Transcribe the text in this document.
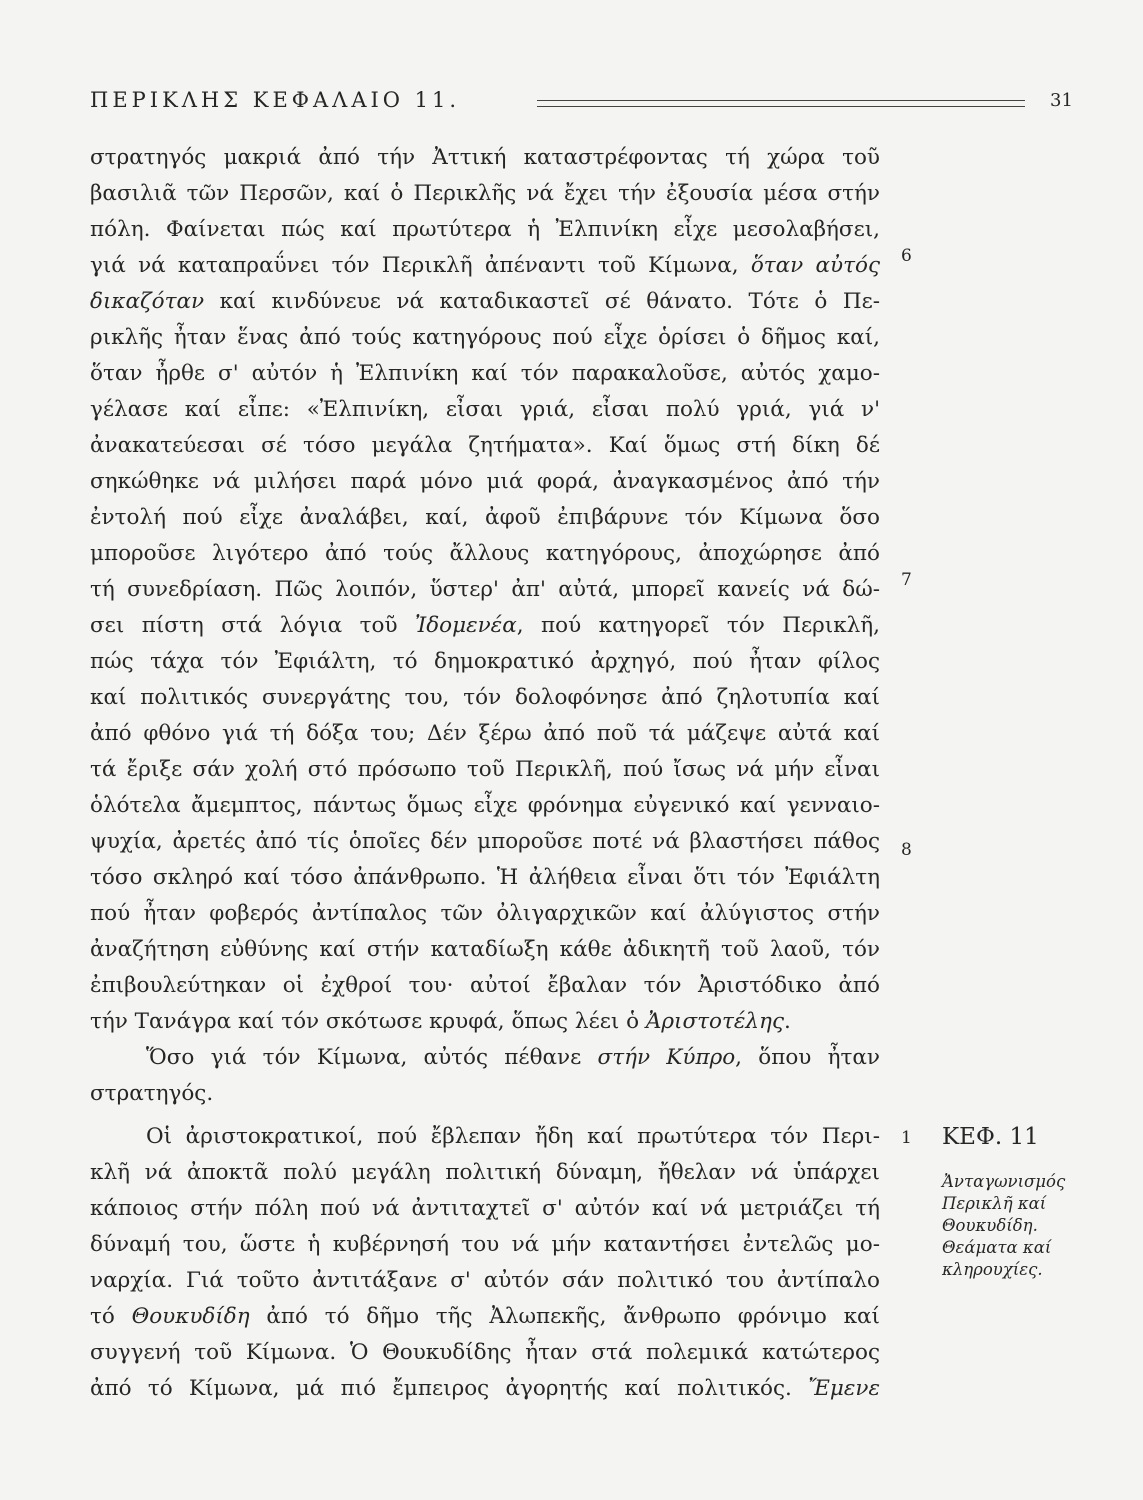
ΠΕΡΙΚΛΗΣ ΚΕΦΑΛΑΙΟ 11.	31
στρατηγός μακριά ἀπό τήν Ἀττική καταστρέφοντας τή χώρα τοῦ
βασιλιᾶ τῶν Περσῶν, καί ὁ Περικλῆς νά ἔχει τήν ἐξουσία μέσα στήν
πόλη. Φαίνεται πώς καί πρωτύτερα ἡ Ἐλπινίκη εἶχε μεσολαβήσει,
γιά νά καταπραΰνει τόν Περικλῆ ἀπέναντι τοῦ Κίμωνα, ὅταν αὐτός
δικαζόταν καί κινδύνευε νά καταδικαστεῖ σέ θάνατο. Τότε ὁ Πε-
ρικλῆς ἦταν ἕνας ἀπό τούς κατηγόρους πού εἶχε ὁρίσει ὁ δῆμος καί,
ὅταν ἦρθε σ' αὐτόν ἡ Ἐλπινίκη καί τόν παρακαλοῦσε, αὐτός χαμο-
γέλασε καί εἶπε: «Ἐλπινίκη, εἶσαι γριά, εἶσαι πολύ γριά, γιά ν'
ἀνακατεύεσαι σέ τόσο μεγάλα ζητήματα». Καί ὅμως στή δίκη δέ
σηκώθηκε νά μιλήσει παρά μόνο μιά φορά, ἀναγκασμένος ἀπό τήν
ἐντολή πού εἶχε ἀναλάβει, καί, ἀφοῦ ἐπιβάρυνε τόν Κίμωνα ὅσο
μποροῦσε λιγότερο ἀπό τούς ἄλλους κατηγόρους, ἀποχώρησε ἀπό
τή συνεδρίαση. Πῶς λοιπόν, ὕστερ' ἀπ' αὐτά, μπορεῖ κανείς νά δώ-
σει πίστη στά λόγια τοῦ Ἰδομενέα, πού κατηγορεῖ τόν Περικλῆ,
πώς τάχα τόν Ἐφιάλτη, τό δημοκρατικό ἀρχηγό, πού ἦταν φίλος
καί πολιτικός συνεργάτης του, τόν δολοφόνησε ἀπό ζηλοτυπία καί
ἀπό φθόνο γιά τή δόξα του; Δέν ξέρω ἀπό ποῦ τά μάζεψε αὐτά καί
τά ἔριξε σάν χολή στό πρόσωπο τοῦ Περικλῆ, πού ἴσως νά μήν εἶναι
ὁλότελα ἄμεμπτος, πάντως ὅμως εἶχε φρόνημα εὐγενικό καί γενναιο-
ψυχία, ἀρετές ἀπό τίς ὁποῖες δέν μποροῦσε ποτέ νά βλαστήσει πάθος
τόσο σκληρό καί τόσο ἀπάνθρωπο. Ἡ ἀλήθεια εἶναι ὅτι τόν Ἐφιάλτη
πού ἦταν φοβερός ἀντίπαλος τῶν ὀλιγαρχικῶν καί ἀλύγιστος στήν
ἀναζήτηση εὐθύνης καί στήν καταδίωξη κάθε ἀδικητῆ τοῦ λαοῦ, τόν
ἐπιβουλεύτηκαν οἱ ἐχθροί του· αὐτοί ἔβαλαν τόν Ἀριστόδικο ἀπό
τήν Τανάγρα καί τόν σκότωσε κρυφά, ὅπως λέει ὁ Ἀριστοτέλης.
Ὅσο γιά τόν Κίμωνα, αὐτός πέθανε στήν Κύπρο, ὅπου ἦταν
στρατηγός.
Οἱ ἀριστοκρατικοί, πού ἔβλεπαν ἤδη καί πρωτύτερα τόν Περι-
κλῆ νά ἀποκτᾶ πολύ μεγάλη πολιτική δύναμη, ἤθελαν νά ὑπάρχει
κάποιος στήν πόλη πού νά ἀντιταχτεῖ σ' αὐτόν καί νά μετριάζει τή
δύναμή του, ὥστε ἡ κυβέρνησή του νά μήν καταντήσει ἐντελῶς μο-
ναρχία. Γιά τοῦτο ἀντιτάξανε σ' αὐτόν σάν πολιτικό του ἀντίπαλο
τό Θουκυδίδη ἀπό τό δῆμο τῆς Ἀλωπεκῆς, ἄνθρωπο φρόνιμο καί
συγγενή τοῦ Κίμωνα. Ὁ Θουκυδίδης ἦταν στά πολεμικά κατώτερος
ἀπό τό Κίμωνα, μά πιό ἔμπειρος ἀγορητής καί πολιτικός. Ἔμενε
6
7
8
1 ΚΕΦ. 11
Ἀνταγωνισμός
Περικλῆ καί
Θουκυδίδη.
Θεάματα καί
κληρουχίες.
